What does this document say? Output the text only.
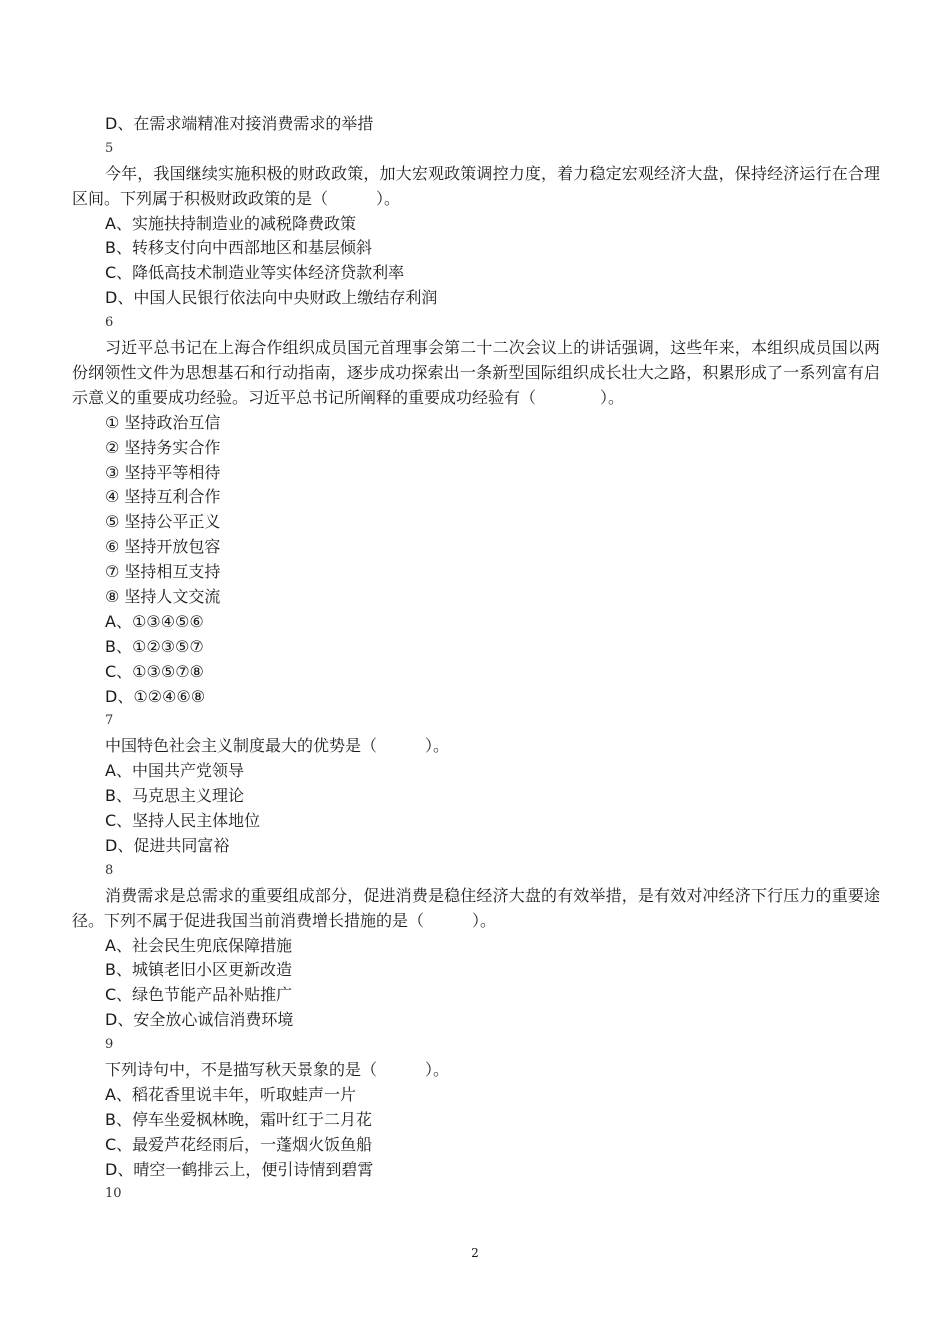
D、在需求端精准对接消费需求的举措
5
今年，我国继续实施积极的财政政策，加大宏观政策调控力度，着力稳定宏观经济大盘，保持经济运行在合理区间。下列属于积极财政政策的是（　　　）。
A、实施扶持制造业的减税降费政策
B、转移支付向中西部地区和基层倾斜
C、降低高技术制造业等实体经济贷款利率
D、中国人民银行依法向中央财政上缴结存利润
6
习近平总书记在上海合作组织成员国元首理事会第二十二次会议上的讲话强调，这些年来，本组织成员国以两份纲领性文件为思想基石和行动指南，逐步成功探索出一条新型国际组织成长壮大之路，积累形成了一系列富有启示意义的重要成功经验。习近平总书记所阐释的重要成功经验有（　　　　）。
① 坚持政治互信
② 坚持务实合作
③ 坚持平等相待
④ 坚持互利合作
⑤ 坚持公平正义
⑥ 坚持开放包容
⑦ 坚持相互支持
⑧ 坚持人文交流
A、①③④⑤⑥
B、①②③⑤⑦
C、①③⑤⑦⑧
D、①②④⑥⑧
7
中国特色社会主义制度最大的优势是（　　　）。
A、中国共产党领导
B、马克思主义理论
C、坚持人民主体地位
D、促进共同富裕
8
消费需求是总需求的重要组成部分，促进消费是稳住经济大盘的有效举措，是有效对冲经济下行压力的重要途径。下列不属于促进我国当前消费增长措施的是（　　　）。
A、社会民生兜底保障措施
B、城镇老旧小区更新改造
C、绿色节能产品补贴推广
D、安全放心诚信消费环境
9
下列诗句中，不是描写秋天景象的是（　　　）。
A、稻花香里说丰年，听取蛙声一片
B、停车坐爱枫林晚，霜叶红于二月花
C、最爱芦花经雨后，一蓬烟火饭鱼船
D、晴空一鹤排云上，便引诗情到碧霄
10
2
